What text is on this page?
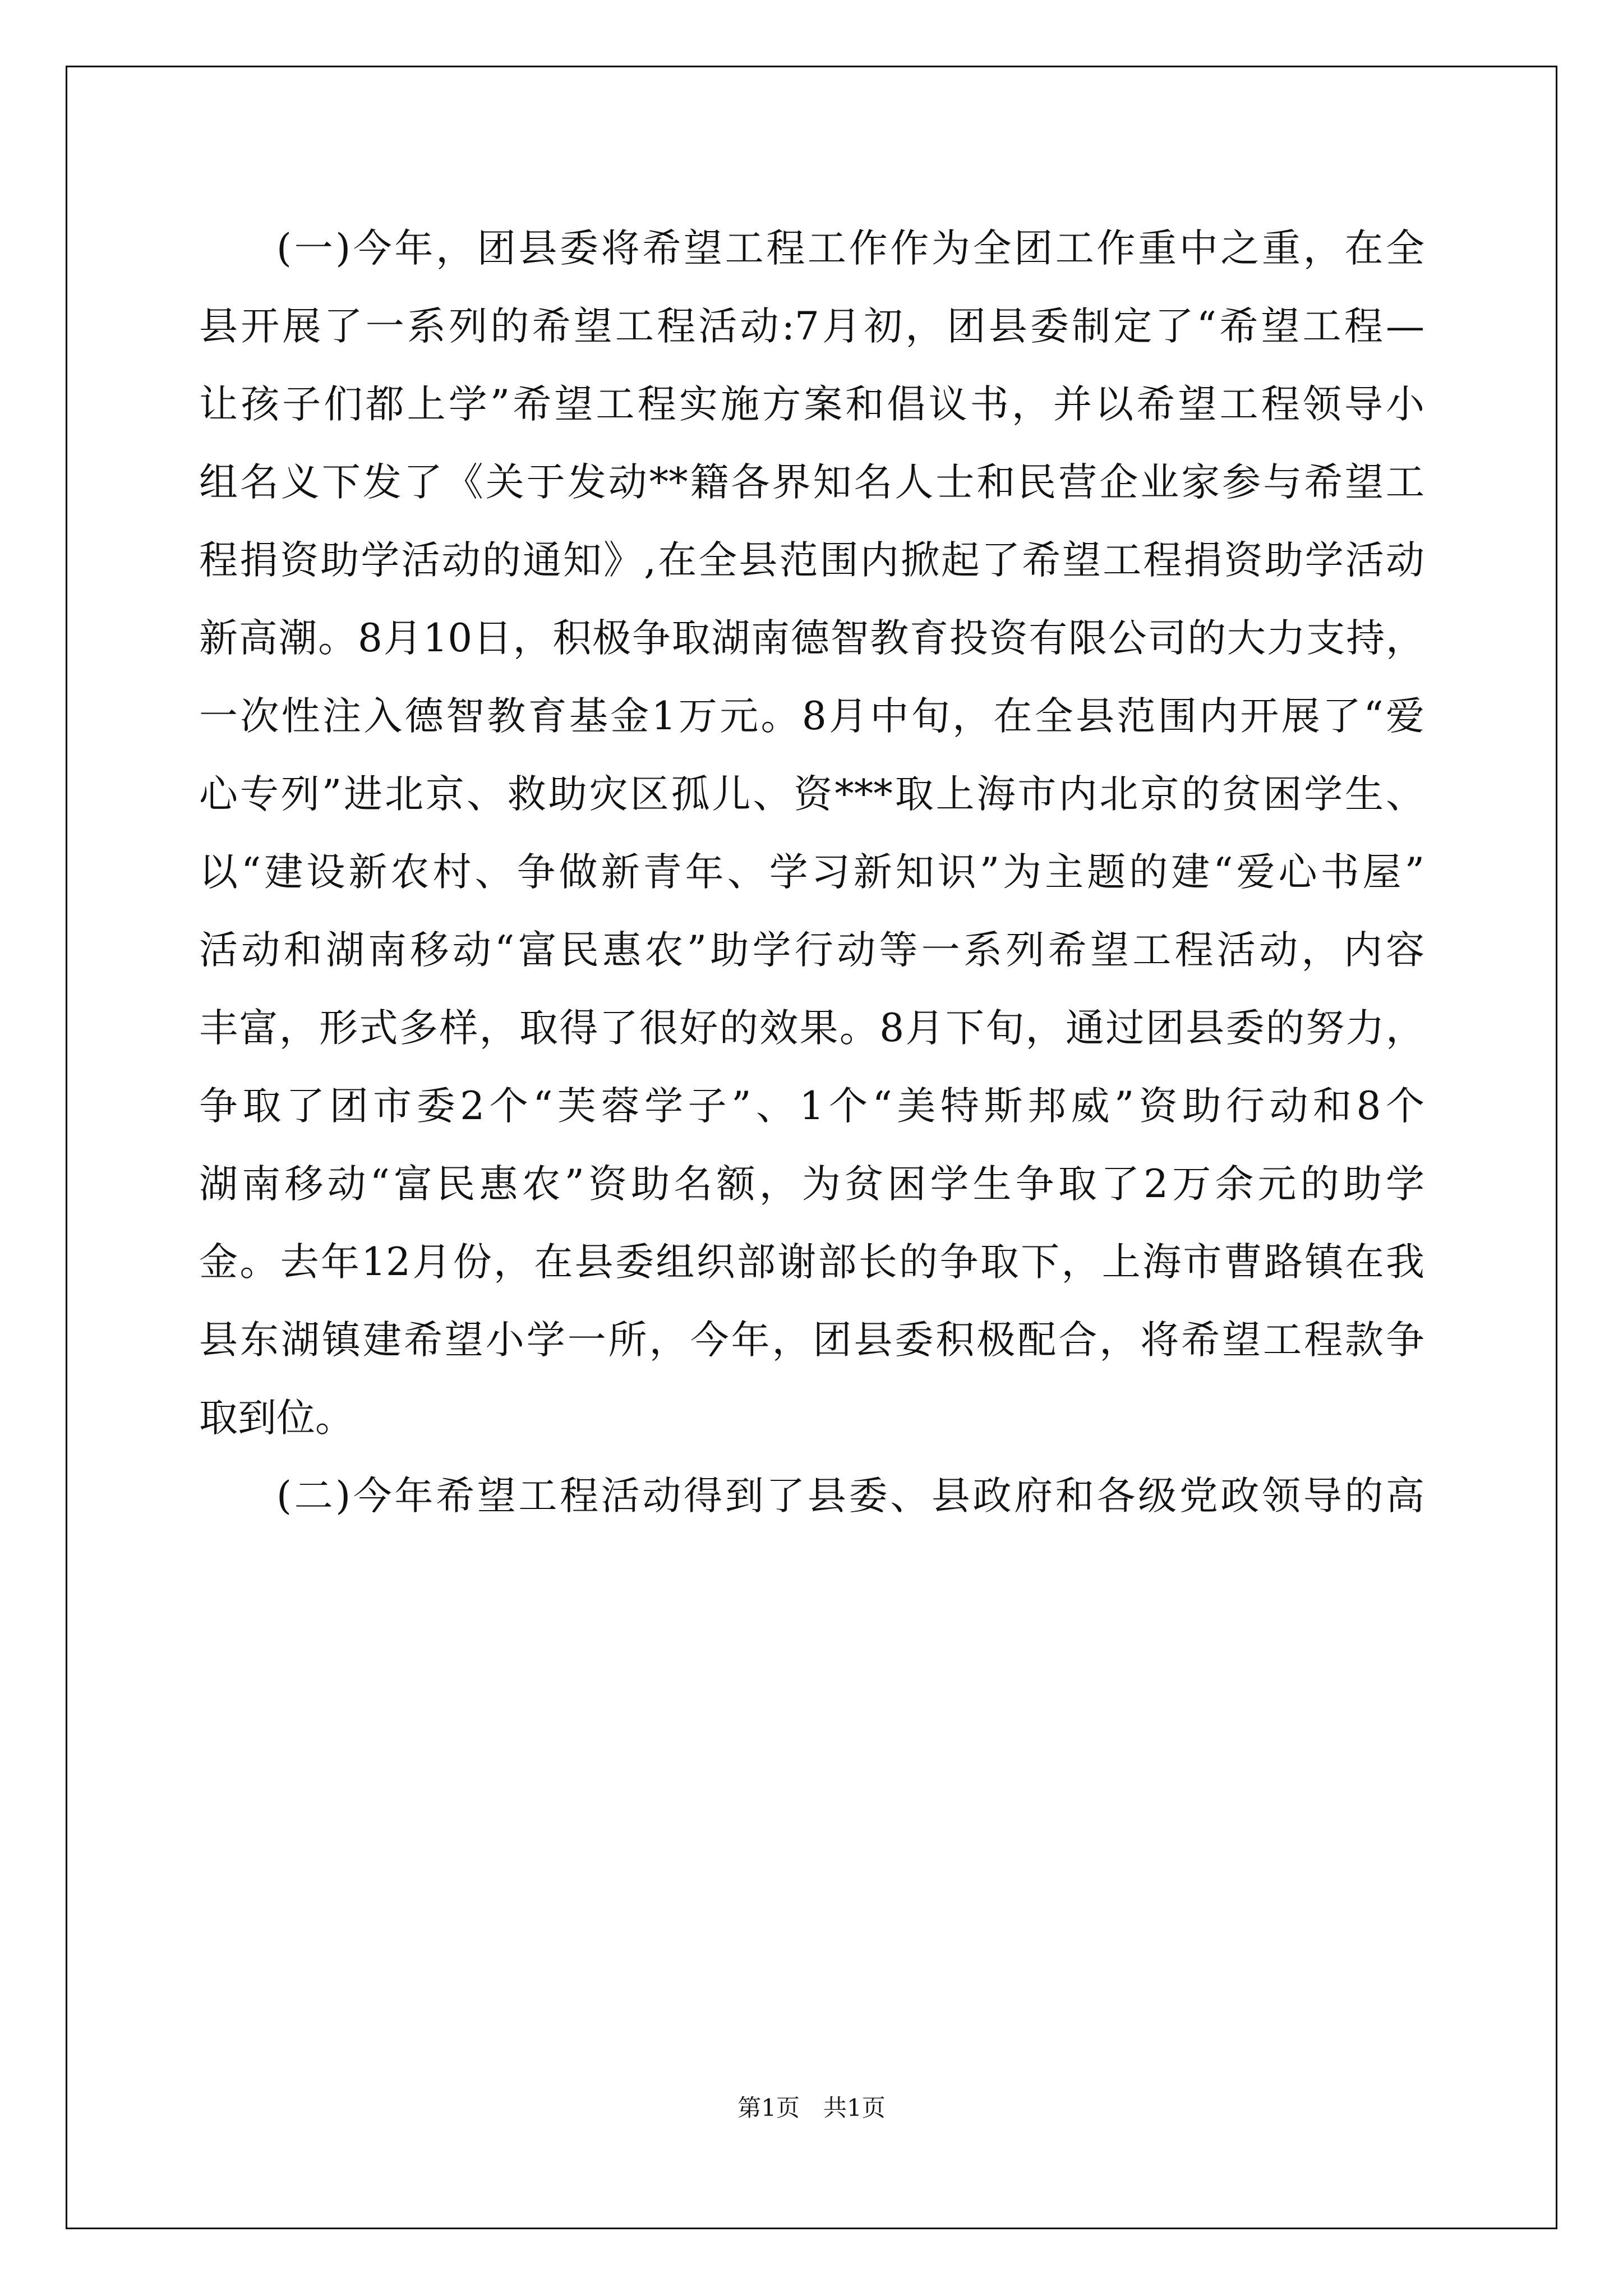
(一)今年，团县委将希望工程工作作为全团工作重中之重，在全
县开展了一系列的希望工程活动:7月初，团县委制定了“希望工程—
让孩子们都上学”希望工程实施方案和倡议书，并以希望工程领导小
组名义下发了《关于发动**籍各界知名人士和民营企业家参与希望工
程捐资助学活动的通知》,在全县范围内掀起了希望工程捐资助学活动
新高潮。8月10日，积极争取湖南德智教育投资有限公司的大力支持，
一次性注入德智教育基金1万元。8月中旬，在全县范围内开展了“爱
心专列”进北京、救助灾区孤儿、资***取上海市内北京的贫困学生、
以“建设新农村、争做新青年、学习新知识”为主题的建“爱心书屋”
活动和湖南移动“富民惠农”助学行动等一系列希望工程活动，内容
丰富，形式多样，取得了很好的效果。8月下旬，通过团县委的努力，
争取了团市委2个“芙蓉学子”、1个“美特斯邦威”资助行动和8个
湖南移动“富民惠农”资助名额，为贫困学生争取了2万余元的助学
金。去年12月份，在县委组织部谢部长的争取下，上海市曹路镇在我
县东湖镇建希望小学一所，今年，团县委积极配合，将希望工程款争
取到位。
(二)今年希望工程活动得到了县委、县政府和各级党政领导的高
第1页　共1页
